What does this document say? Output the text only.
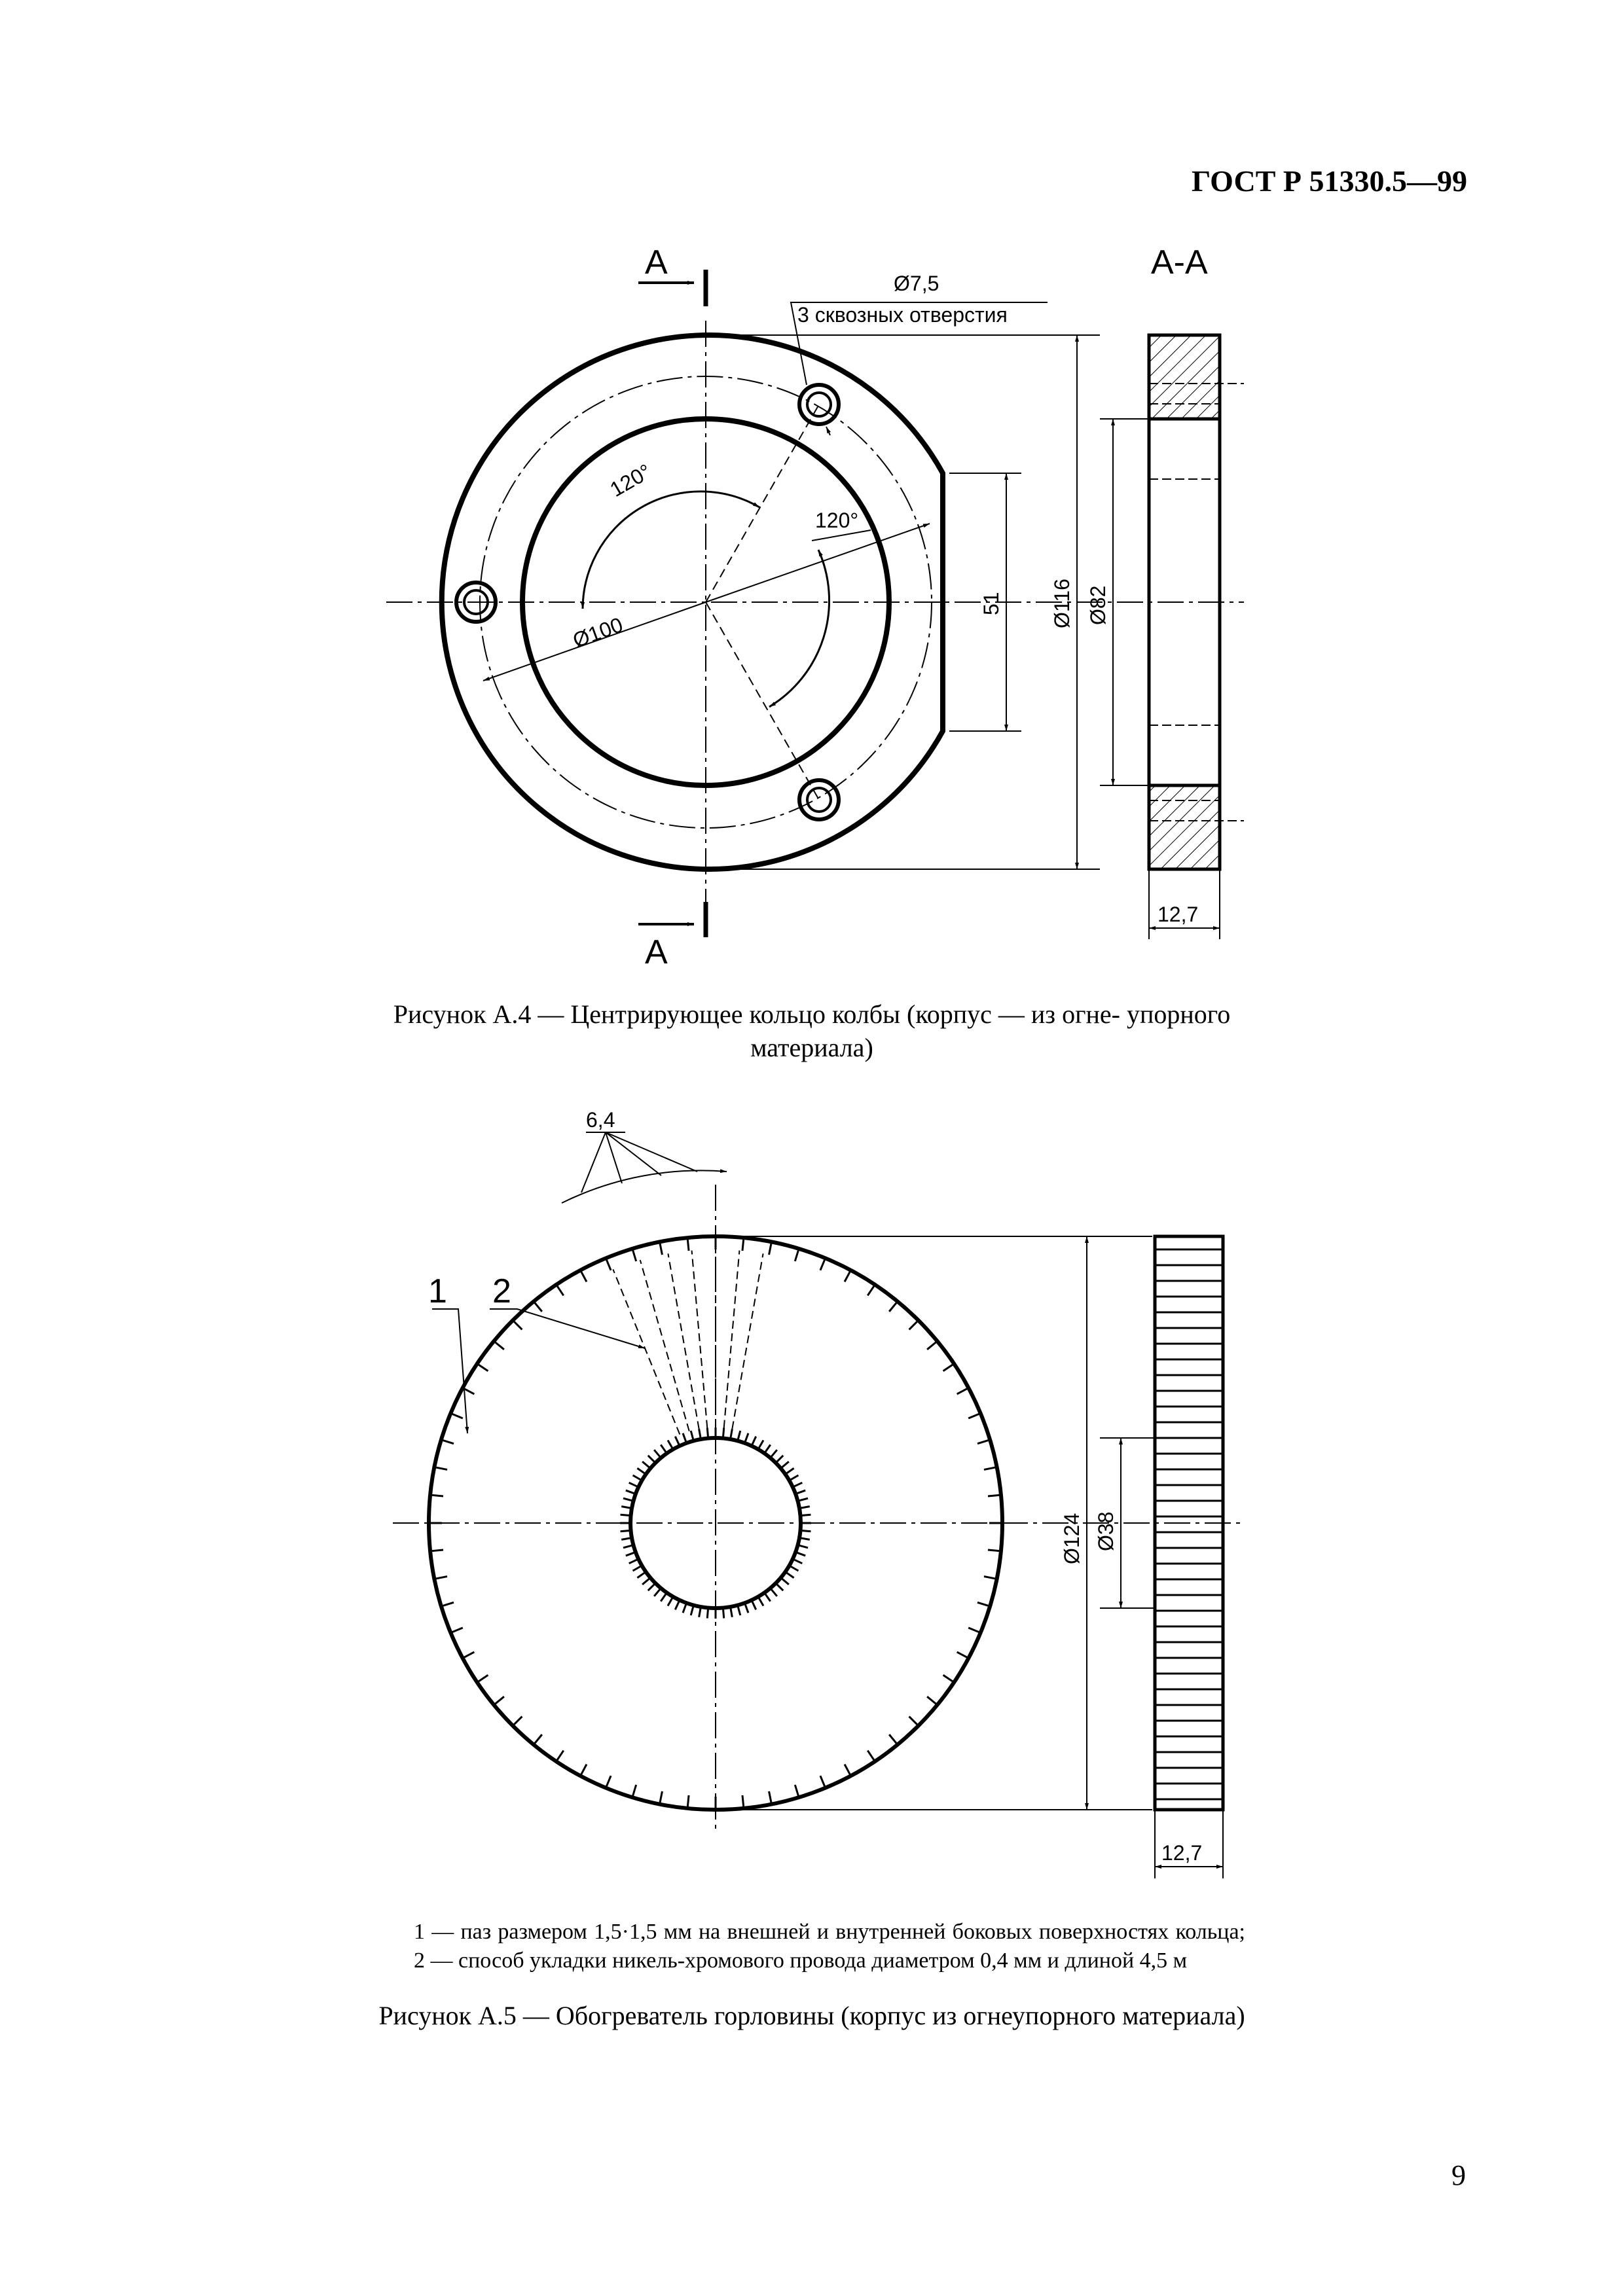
ГОСТ Р 51330.5—99
A
A
A-A
Ø7,5
3 сквозных отверстия
120°
120°
Ø100
51 Ø116 Ø82
12,7
6,4
1 2
Ø124 Ø38
12,7
Рисунок А.4 — Центрирующее кольцо колбы (корпус — из огне- упорного материала)
1 — паз размером 1,5·1,5 мм на внешней и внутренней боковых поверхностях кольца; 2 — способ укладки никель-хромового провода диаметром 0,4 мм и длиной 4,5 м
Рисунок А.5 — Обогреватель горловины (корпус из огнеупорного материала)
9
